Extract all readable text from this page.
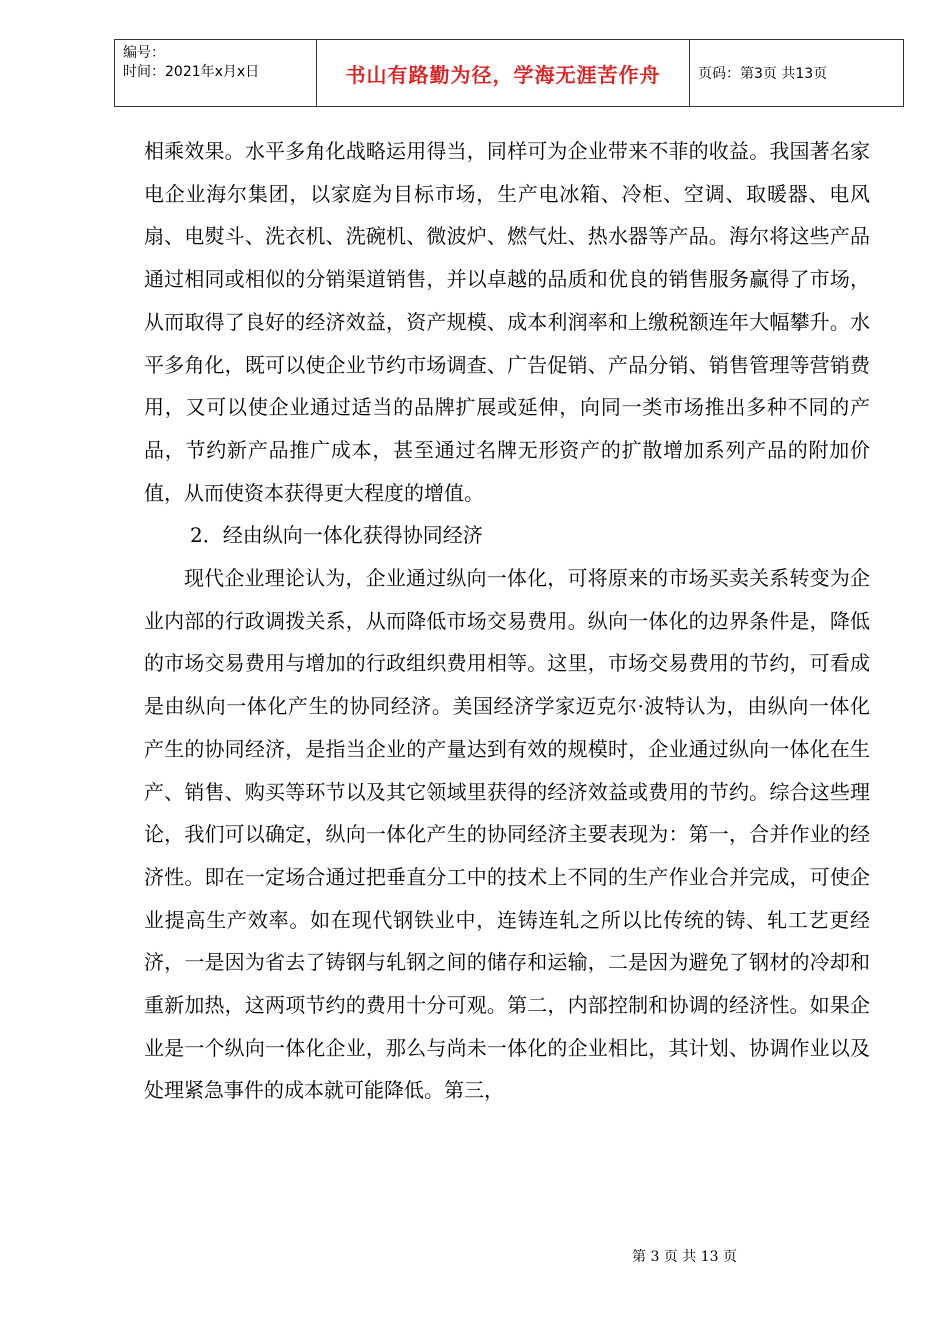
编号：
时间：2021年x月x日	书山有路勤为径，学海无涯苦作舟	页码：第3页 共13页

相乘效果。水平多角化战略运用得当，同样可为企业带来不菲的收益。我国著名家电企业海尔集团，以家庭为目标市场，生产电冰箱、冷柜、空调、取暖器、电风扇、电熨斗、洗衣机、洗碗机、微波炉、燃气灶、热水器等产品。海尔将这些产品通过相同或相似的分销渠道销售，并以卓越的品质和优良的销售服务赢得了市场，从而取得了良好的经济效益，资产规模、成本利润率和上缴税额连年大幅攀升。水平多角化，既可以使企业节约市场调查、广告促销、产品分销、销售管理等营销费用，又可以使企业通过适当的品牌扩展或延伸，向同一类市场推出多种不同的产品，节约新产品推广成本，甚至通过名牌无形资产的扩散增加系列产品的附加价值，从而使资本获得更大程度的增值。

2．经由纵向一体化获得协同经济

现代企业理论认为，企业通过纵向一体化，可将原来的市场买卖关系转变为企业内部的行政调拨关系，从而降低市场交易费用。纵向一体化的边界条件是，降低的市场交易费用与增加的行政组织费用相等。这里，市场交易费用的节约，可看成是由纵向一体化产生的协同经济。美国经济学家迈克尔·波特认为，由纵向一体化产生的协同经济，是指当企业的产量达到有效的规模时，企业通过纵向一体化在生产、销售、购买等环节以及其它领域里获得的经济效益或费用的节约。综合这些理论，我们可以确定，纵向一体化产生的协同经济主要表现为：第一，合并作业的经济性。即在一定场合通过把垂直分工中的技术上不同的生产作业合并完成，可使企业提高生产效率。如在现代钢铁业中，连铸连轧之所以比传统的铸、轧工艺更经济，一是因为省去了铸钢与轧钢之间的储存和运输，二是因为避免了钢材的冷却和重新加热，这两项节约的费用十分可观。第二，内部控制和协调的经济性。如果企业是一个纵向一体化企业，那么与尚未一体化的企业相比，其计划、协调作业以及处理紧急事件的成本就可能降低。第三，

第 3 页 共 13 页
